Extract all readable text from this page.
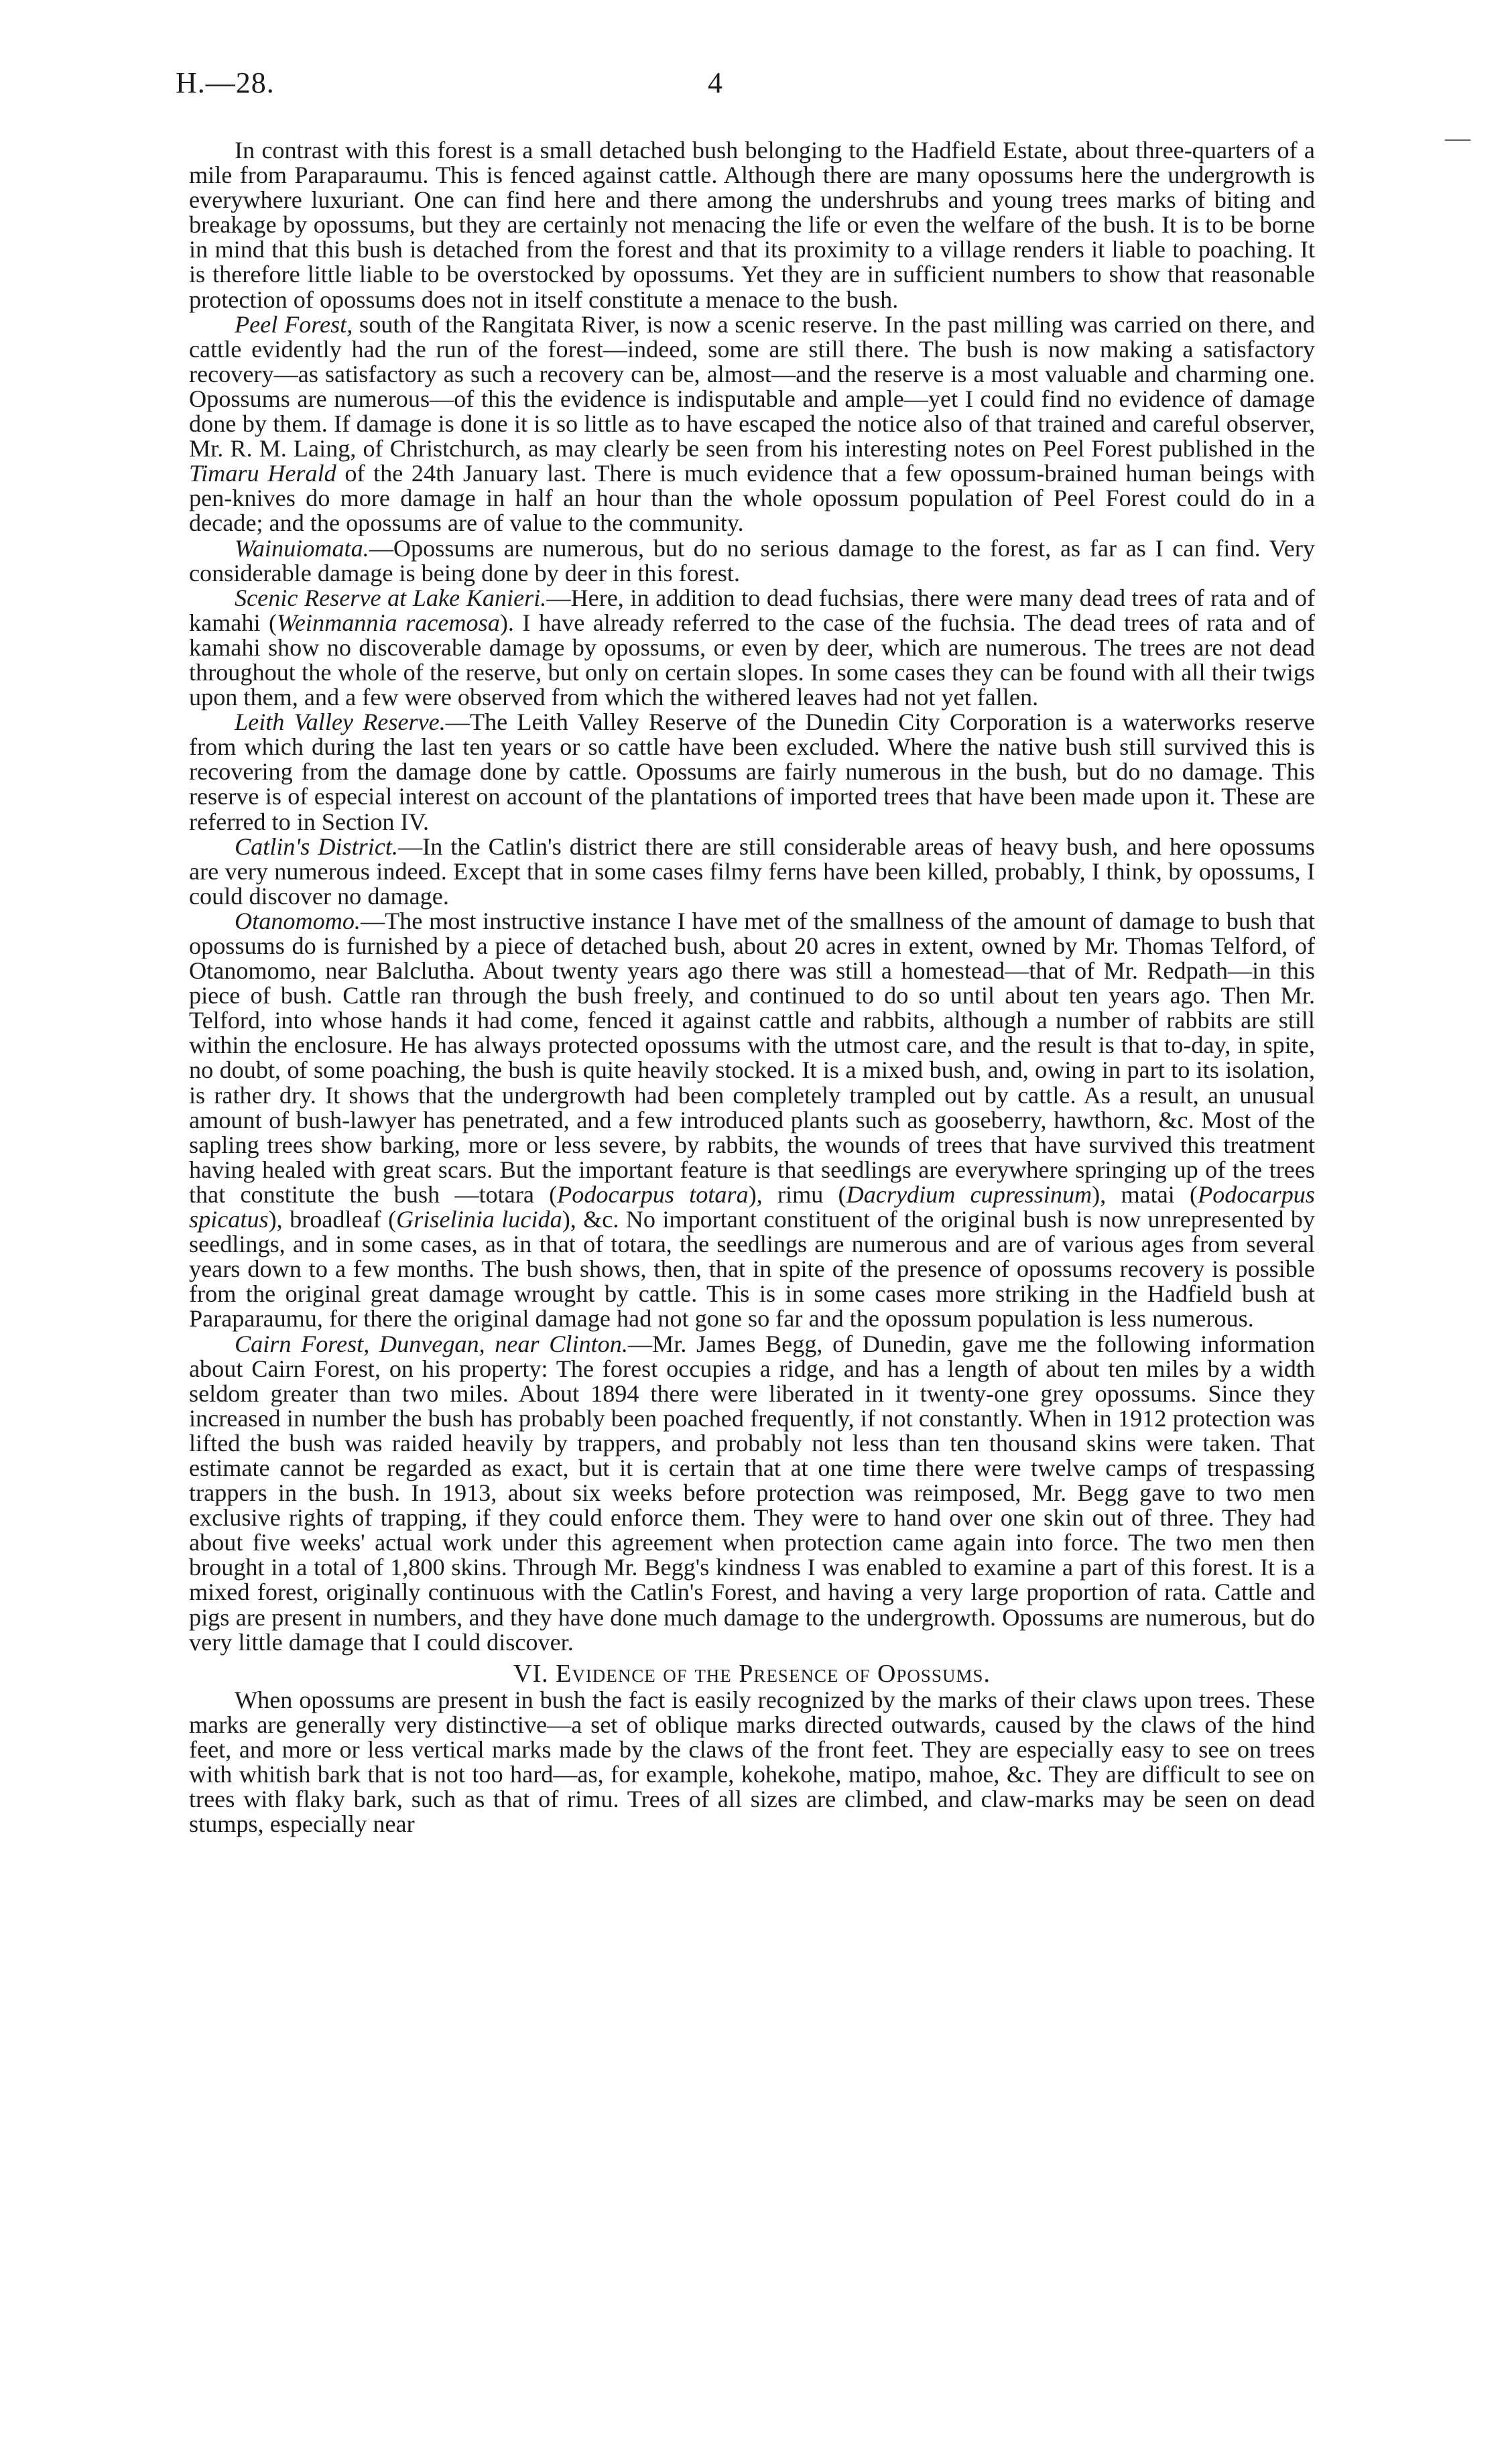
H.—28.	4
—

In contrast with this forest is a small detached bush belonging to the Hadfield Estate, about three-quarters of a mile from Paraparaumu. This is fenced against cattle. Although there are many opossums here the undergrowth is everywhere luxuriant. One can find here and there among the undershrubs and young trees marks of biting and breakage by opossums, but they are certainly not menacing the life or even the welfare of the bush. It is to be borne in mind that this bush is detached from the forest and that its proximity to a village renders it liable to poaching. It is therefore little liable to be overstocked by opossums. Yet they are in sufficient numbers to show that reasonable protection of opossums does not in itself constitute a menace to the bush.

Peel Forest, south of the Rangitata River, is now a scenic reserve. In the past milling was carried on there, and cattle evidently had the run of the forest—indeed, some are still there. The bush is now making a satisfactory recovery—as satisfactory as such a recovery can be, almost—and the reserve is a most valuable and charming one. Opossums are numerous—of this the evidence is indisputable and ample—yet I could find no evidence of damage done by them. If damage is done it is so little as to have escaped the notice also of that trained and careful observer, Mr. R. M. Laing, of Christchurch, as may clearly be seen from his interesting notes on Peel Forest published in the Timaru Herald of the 24th January last. There is much evidence that a few opossum-brained human beings with pen-knives do more damage in half an hour than the whole opossum population of Peel Forest could do in a decade; and the opossums are of value to the community.

Wainuiomata.—Opossums are numerous, but do no serious damage to the forest, as far as I can find. Very considerable damage is being done by deer in this forest.

Scenic Reserve at Lake Kanieri.—Here, in addition to dead fuchsias, there were many dead trees of rata and of kamahi (Weinmannia racemosa). I have already referred to the case of the fuchsia. The dead trees of rata and of kamahi show no discoverable damage by opossums, or even by deer, which are numerous. The trees are not dead throughout the whole of the reserve, but only on certain slopes. In some cases they can be found with all their twigs upon them, and a few were observed from which the withered leaves had not yet fallen.

Leith Valley Reserve.—The Leith Valley Reserve of the Dunedin City Corporation is a waterworks reserve from which during the last ten years or so cattle have been excluded. Where the native bush still survived this is recovering from the damage done by cattle. Opossums are fairly numerous in the bush, but do no damage. This reserve is of especial interest on account of the plantations of imported trees that have been made upon it. These are referred to in Section IV.

Catlin's District.—In the Catlin's district there are still considerable areas of heavy bush, and here opossums are very numerous indeed. Except that in some cases filmy ferns have been killed, probably, I think, by opossums, I could discover no damage.

Otanomomo.—The most instructive instance I have met of the smallness of the amount of damage to bush that opossums do is furnished by a piece of detached bush, about 20 acres in extent, owned by Mr. Thomas Telford, of Otanomomo, near Balclutha. About twenty years ago there was still a homestead—that of Mr. Redpath—in this piece of bush. Cattle ran through the bush freely, and continued to do so until about ten years ago. Then Mr. Telford, into whose hands it had come, fenced it against cattle and rabbits, although a number of rabbits are still within the enclosure. He has always protected opossums with the utmost care, and the result is that to-day, in spite, no doubt, of some poaching, the bush is quite heavily stocked. It is a mixed bush, and, owing in part to its isolation, is rather dry. It shows that the undergrowth had been completely trampled out by cattle. As a result, an unusual amount of bush-lawyer has penetrated, and a few introduced plants such as gooseberry, hawthorn, &c. Most of the sapling trees show barking, more or less severe, by rabbits, the wounds of trees that have survived this treatment having healed with great scars. But the important feature is that seedlings are everywhere springing up of the trees that constitute the bush —totara (Podocarpus totara), rimu (Dacrydium cupressinum), matai (Podocarpus spicatus), broadleaf (Griselinia lucida), &c. No important constituent of the original bush is now unrepresented by seedlings, and in some cases, as in that of totara, the seedlings are numerous and are of various ages from several years down to a few months. The bush shows, then, that in spite of the presence of opossums recovery is possible from the original great damage wrought by cattle. This is in some cases more striking in the Hadfield bush at Paraparaumu, for there the original damage had not gone so far and the opossum population is less numerous.

Cairn Forest, Dunvegan, near Clinton.—Mr. James Begg, of Dunedin, gave me the following information about Cairn Forest, on his property: The forest occupies a ridge, and has a length of about ten miles by a width seldom greater than two miles. About 1894 there were liberated in it twenty-one grey opossums. Since they increased in number the bush has probably been poached frequently, if not constantly. When in 1912 protection was lifted the bush was raided heavily by trappers, and probably not less than ten thousand skins were taken. That estimate cannot be regarded as exact, but it is certain that at one time there were twelve camps of trespassing trappers in the bush. In 1913, about six weeks before protection was reimposed, Mr. Begg gave to two men exclusive rights of trapping, if they could enforce them. They were to hand over one skin out of three. They had about five weeks' actual work under this agreement when protection came again into force. The two men then brought in a total of 1,800 skins. Through Mr. Begg's kindness I was enabled to examine a part of this forest. It is a mixed forest, originally continuous with the Catlin's Forest, and having a very large proportion of rata. Cattle and pigs are present in numbers, and they have done much damage to the undergrowth. Opossums are numerous, but do very little damage that I could discover.

VI. Evidence of the Presence of Opossums.

When opossums are present in bush the fact is easily recognized by the marks of their claws upon trees. These marks are generally very distinctive—a set of oblique marks directed outwards, caused by the claws of the hind feet, and more or less vertical marks made by the claws of the front feet. They are especially easy to see on trees with whitish bark that is not too hard—as, for example, kohekohe, matipo, mahoe, &c. They are difficult to see on trees with flaky bark, such as that of rimu. Trees of all sizes are climbed, and claw-marks may be seen on dead stumps, especially near
